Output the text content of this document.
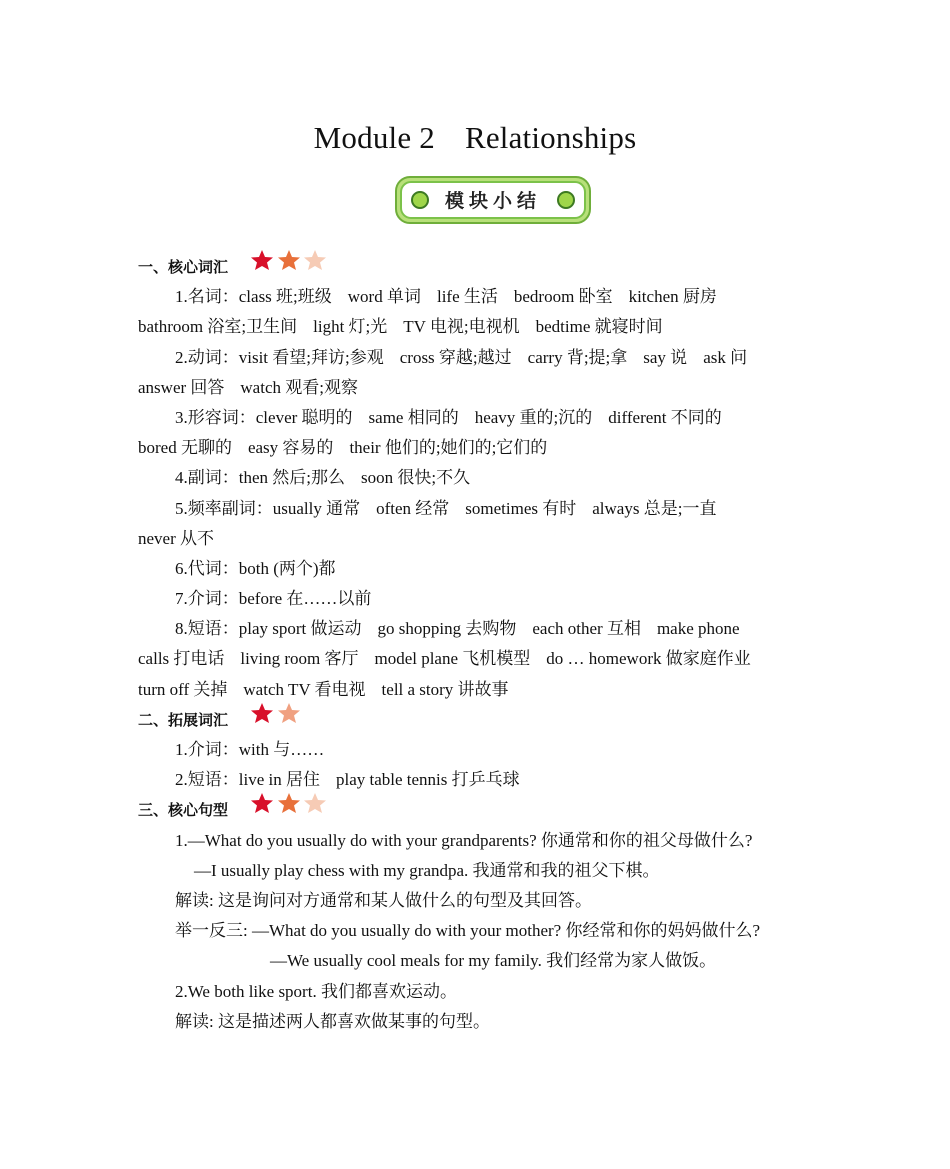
Module 2 Relationships
模块小结
一、核心词汇
1.名词：class 班;班级 word 单词 life 生活 bedroom 卧室 kitchen 厨房
bathroom 浴室;卫生间 light 灯;光 TV 电视;电视机 bedtime 就寝时间
2.动词：visit 看望;拜访;参观 cross 穿越;越过 carry 背;提;拿 say 说 ask 问
answer 回答 watch 观看;观察
3.形容词：clever 聪明的 same 相同的 heavy 重的;沉的 different 不同的
bored 无聊的 easy 容易的 their 他们的;她们的;它们的
4.副词：then 然后;那么 soon 很快;不久
5.频率副词：usually 通常 often 经常 sometimes 有时 always 总是;一直
never 从不
6.代词：both (两个)都
7.介词：before 在……以前
8.短语：play sport 做运动 go shopping 去购物 each other 互相 make phone
calls 打电话 living room 客厅 model plane 飞机模型 do … homework 做家庭作业
turn off 关掉 watch TV 看电视 tell a story 讲故事
二、拓展词汇
1.介词：with 与……
2.短语：live in 居住 play table tennis 打乒乓球
三、核心句型
1.—What do you usually do with your grandparents? 你通常和你的祖父母做什么?
—I usually play chess with my grandpa. 我通常和我的祖父下棋。
解读: 这是询问对方通常和某人做什么的句型及其回答。
举一反三: —What do you usually do with your mother? 你经常和你的妈妈做什么?
—We usually cool meals for my family. 我们经常为家人做饭。
2.We both like sport. 我们都喜欢运动。
解读: 这是描述两人都喜欢做某事的句型。
